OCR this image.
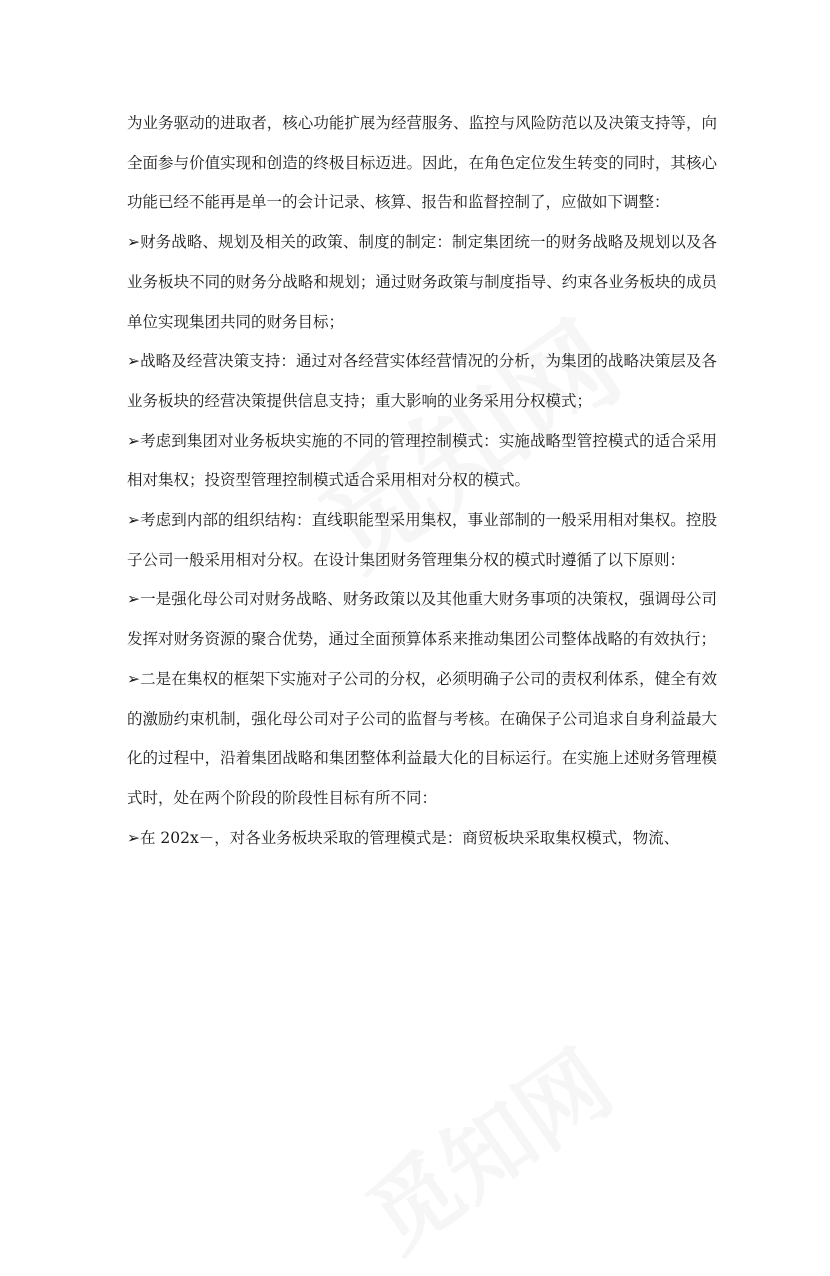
为业务驱动的进取者，核心功能扩展为经营服务、监控与风险防范以及决策支持等，向全面参与价值实现和创造的终极目标迈进。因此，在角色定位发生转变的同时，其核心功能已经不能再是单一的会计记录、核算、报告和监督控制了，应做如下调整：

➢财务战略、规划及相关的政策、制度的制定：制定集团统一的财务战略及规划以及各业务板块不同的财务分战略和规划；通过财务政策与制度指导、约束各业务板块的成员单位实现集团共同的财务目标；

➢战略及经营决策支持：通过对各经营实体经营情况的分析，为集团的战略决策层及各业务板块的经营决策提供信息支持；重大影响的业务采用分权模式；

➢考虑到集团对业务板块实施的不同的管理控制模式：实施战略型管控模式的适合采用相对集权；投资型管理控制模式适合采用相对分权的模式。

➢考虑到内部的组织结构：直线职能型采用集权，事业部制的一般采用相对集权。控股子公司一般采用相对分权。在设计集团财务管理集分权的模式时遵循了以下原则：

➢一是强化母公司对财务战略、财务政策以及其他重大财务事项的决策权，强调母公司发挥对财务资源的聚合优势，通过全面预算体系来推动集团公司整体战略的有效执行；

➢二是在集权的框架下实施对子公司的分权，必须明确子公司的责权利体系，健全有效的激励约束机制，强化母公司对子公司的监督与考核。在确保子公司追求自身利益最大化的过程中，沿着集团战略和集团整体利益最大化的目标运行。在实施上述财务管理模式时，处在两个阶段的阶段性目标有所不同：

➢在 202x－，对各业务板块采取的管理模式是：商贸板块采取集权模式，物流、
